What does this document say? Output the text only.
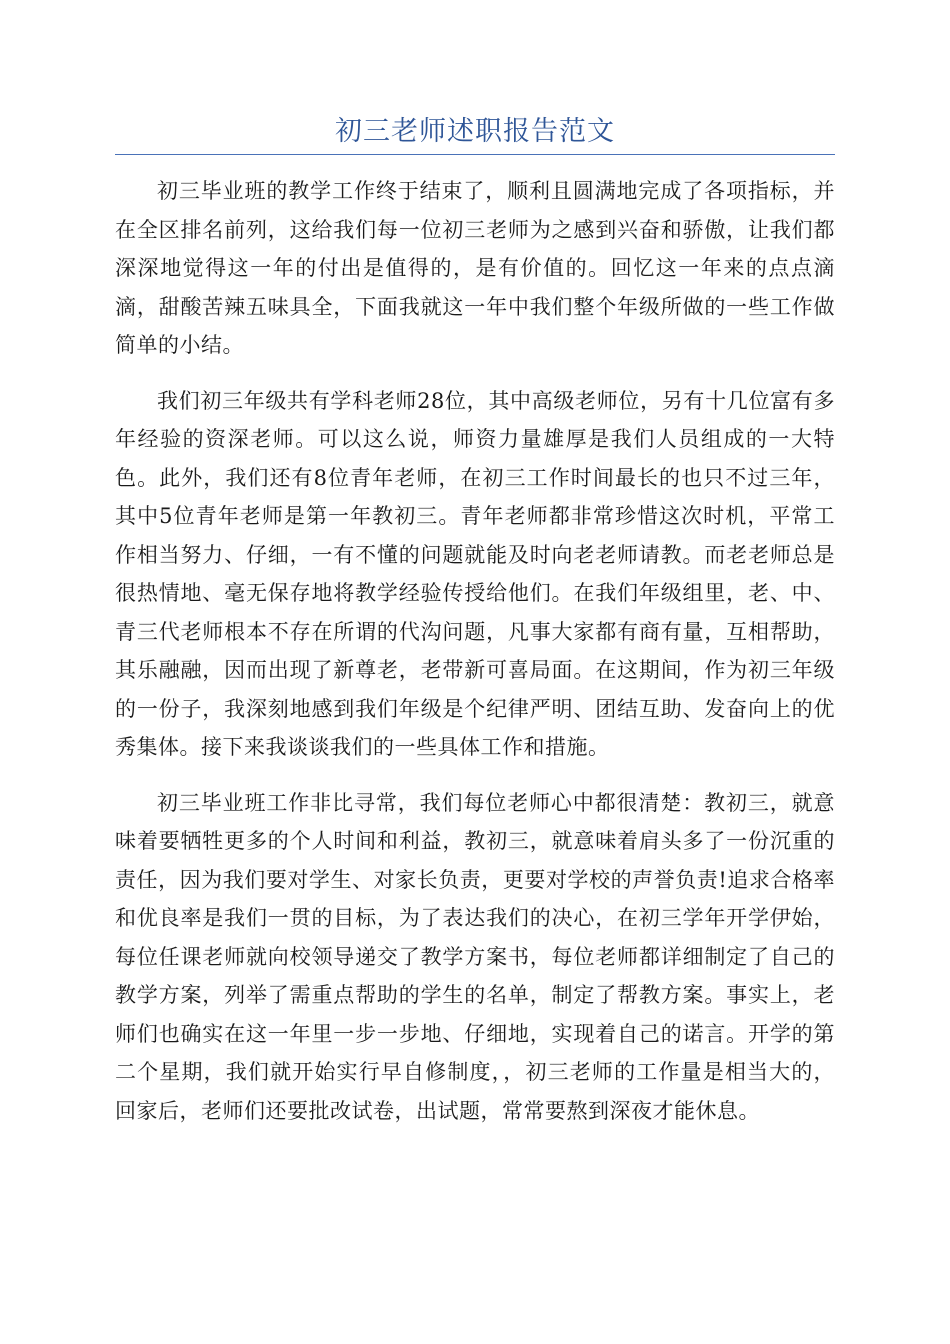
初三老师述职报告范文

初三毕业班的教学工作终于结束了，顺利且圆满地完成了各项指标，并在全区排名前列，这给我们每一位初三老师为之感到兴奋和骄傲，让我们都深深地觉得这一年的付出是值得的，是有价值的。回忆这一年来的点点滴滴，甜酸苦辣五味具全，下面我就这一年中我们整个年级所做的一些工作做简单的小结。

我们初三年级共有学科老师28位，其中高级老师位，另有十几位富有多年经验的资深老师。可以这么说，师资力量雄厚是我们人员组成的一大特色。此外，我们还有8位青年老师，在初三工作时间最长的也只不过三年，其中5位青年老师是第一年教初三。青年老师都非常珍惜这次时机，平常工作相当努力、仔细，一有不懂的问题就能及时向老老师请教。而老老师总是很热情地、毫无保存地将教学经验传授给他们。在我们年级组里，老、中、青三代老师根本不存在所谓的代沟问题，凡事大家都有商有量，互相帮助，其乐融融，因而出现了新尊老，老带新可喜局面。在这期间，作为初三年级的一份子，我深刻地感到我们年级是个纪律严明、团结互助、发奋向上的优秀集体。接下来我谈谈我们的一些具体工作和措施。

初三毕业班工作非比寻常，我们每位老师心中都很清楚：教初三，就意味着要牺牲更多的个人时间和利益，教初三，就意味着肩头多了一份沉重的责任，因为我们要对学生、对家长负责，更要对学校的声誉负责!追求合格率和优良率是我们一贯的目标，为了表达我们的决心，在初三学年开学伊始，每位任课老师就向校领导递交了教学方案书，每位老师都详细制定了自己的教学方案，列举了需重点帮助的学生的名单，制定了帮教方案。事实上，老师们也确实在这一年里一步一步地、仔细地，实现着自己的诺言。开学的第二个星期，我们就开始实行早自修制度，，初三老师的工作量是相当大的，回家后，老师们还要批改试卷，出试题，常常要熬到深夜才能休息。
